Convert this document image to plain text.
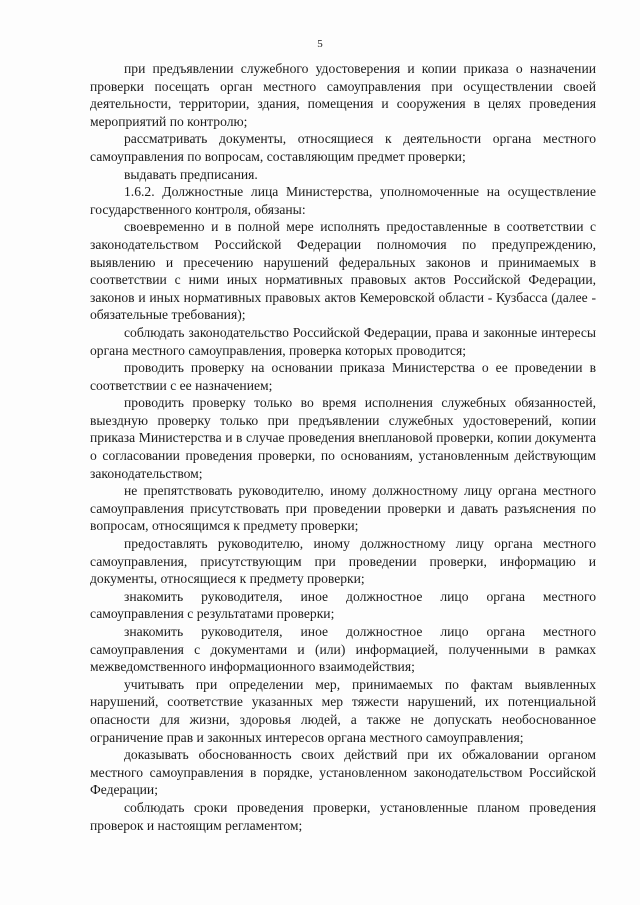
5

при предъявлении служебного удостоверения и копии приказа о назначении проверки посещать орган местного самоуправления при осуществлении своей деятельности, территории, здания, помещения и сооружения в целях проведения мероприятий по контролю;

рассматривать документы, относящиеся к деятельности органа местного самоуправления по вопросам, составляющим предмет проверки;

выдавать предписания.

1.6.2. Должностные лица Министерства, уполномоченные на осуществление государственного контроля, обязаны:

своевременно и в полной мере исполнять предоставленные в соответствии с законодательством Российской Федерации полномочия по предупреждению, выявлению и пресечению нарушений федеральных законов и принимаемых в соответствии с ними иных нормативных правовых актов Российской Федерации, законов и иных нормативных правовых актов Кемеровской области - Кузбасса (далее - обязательные требования);

соблюдать законодательство Российской Федерации, права и законные интересы органа местного самоуправления, проверка которых проводится;

проводить проверку на основании приказа Министерства о ее проведении в соответствии с ее назначением;

проводить проверку только во время исполнения служебных обязанностей, выездную проверку только при предъявлении служебных удостоверений, копии приказа Министерства и в случае проведения внеплановой проверки, копии документа о согласовании проведения проверки, по основаниям, установленным действующим законодательством;

не препятствовать руководителю, иному должностному лицу органа местного самоуправления присутствовать при проведении проверки и давать разъяснения по вопросам, относящимся к предмету проверки;

предоставлять руководителю, иному должностному лицу органа местного самоуправления, присутствующим при проведении проверки, информацию и документы, относящиеся к предмету проверки;

знакомить руководителя, иное должностное лицо органа местного самоуправления с результатами проверки;

знакомить руководителя, иное должностное лицо органа местного самоуправления с документами и (или) информацией, полученными в рамках межведомственного информационного взаимодействия;

учитывать при определении мер, принимаемых по фактам выявленных нарушений, соответствие указанных мер тяжести нарушений, их потенциальной опасности для жизни, здоровья людей, а также не допускать необоснованное ограничение прав и законных интересов органа местного самоуправления;

доказывать обоснованность своих действий при их обжаловании органом местного самоуправления в порядке, установленном законодательством Российской Федерации;

соблюдать сроки проведения проверки, установленные планом проведения проверок и настоящим регламентом;
